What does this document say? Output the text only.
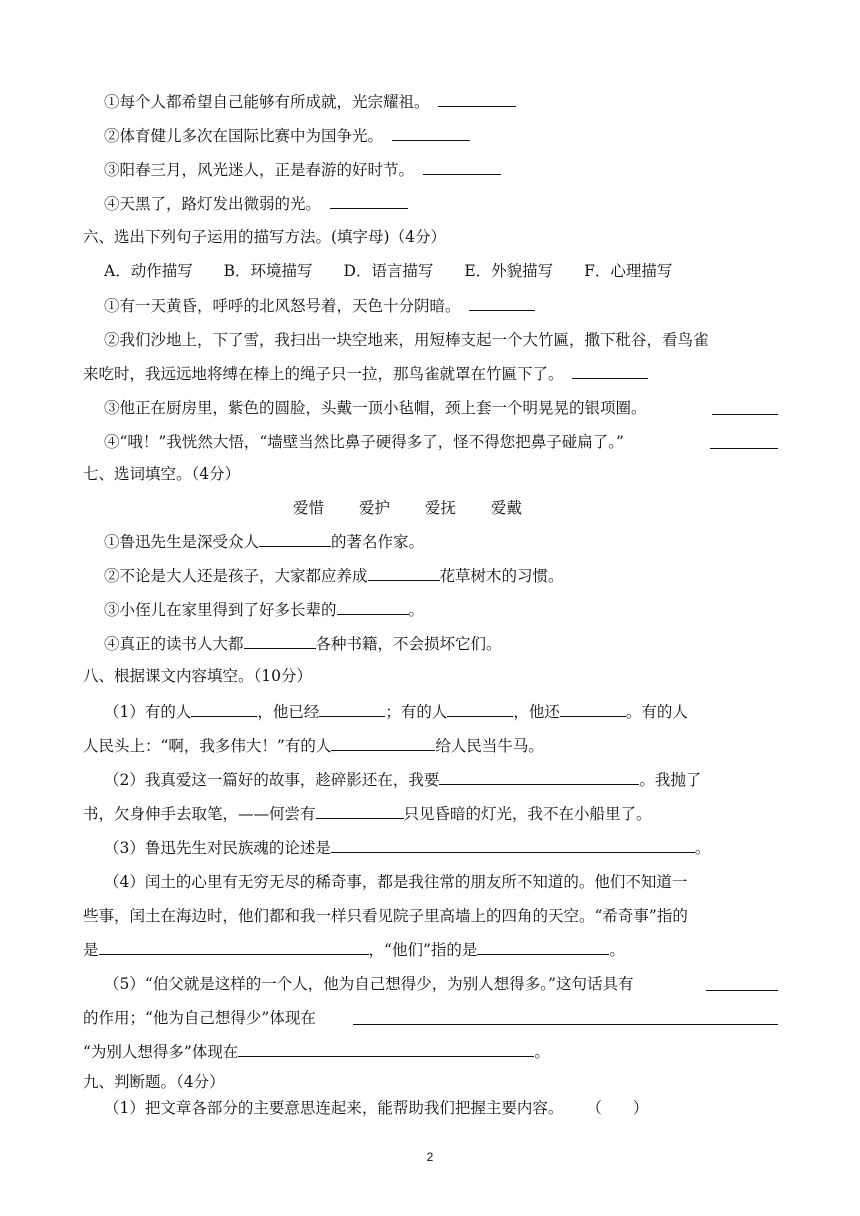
①每个人都希望自己能够有所成就，光宗耀祖。
②体育健儿多次在国际比赛中为国争光。
③阳春三月，风光迷人，正是春游的好时节。
④天黑了，路灯发出微弱的光。
六、选出下列句子运用的描写方法。(填字母)（4分）
A．动作描写 B．环境描写 D．语言描写 E．外貌描写 F．心理描写
①有一天黄昏，呼呼的北风怒号着，天色十分阴暗。
②我们沙地上，下了雪，我扫出一块空地来，用短棒支起一个大竹匾，撒下秕谷，看鸟雀
来吃时，我远远地将缚在棒上的绳子只一拉，那鸟雀就罩在竹匾下了。
③他正在厨房里，紫色的圆脸，头戴一顶小毡帽，颈上套一个明晃晃的银项圈。
④“哦！”我恍然大悟，“墙壁当然比鼻子硬得多了，怪不得您把鼻子碰扁了。”
七、选词填空。（4分）
爱惜 爱护 爱抚 爱戴
①鲁迅先生是深受众人	的著名作家。
②不论是大人还是孩子，大家都应养成	花草树木的习惯。
③小侄儿在家里得到了好多长辈的	。
④真正的读书人大都	各种书籍，不会损坏它们。
八、根据课文内容填空。（10分）
（1）有的人	，他已经	；有的人	，他还	。有的人
人民头上：“啊，我多伟大！”有的人	给人民当牛马。
（2）我真爱这一篇好的故事，趁碎影还在，我要	。我抛了
书，欠身伸手去取笔，——何尝有	只见昏暗的灯光，我不在小船里了。
（3）鲁迅先生对民族魂的论述是	。
（4）闰土的心里有无穷无尽的稀奇事，都是我往常的朋友所不知道的。他们不知道一
些事，闰土在海边时，他们都和我一样只看见院子里高墙上的四角的天空。“希奇事”指的
是	，“他们”指的是	。
（5）“伯父就是这样的一个人，他为自己想得少，为别人想得多。”这句话具有
的作用；“他为自己想得少”体现在
“为别人想得多”体现在	。
九、判断题。（4分）
（1）把文章各部分的主要意思连起来，能帮助我们把握主要内容。 （　　）
2
